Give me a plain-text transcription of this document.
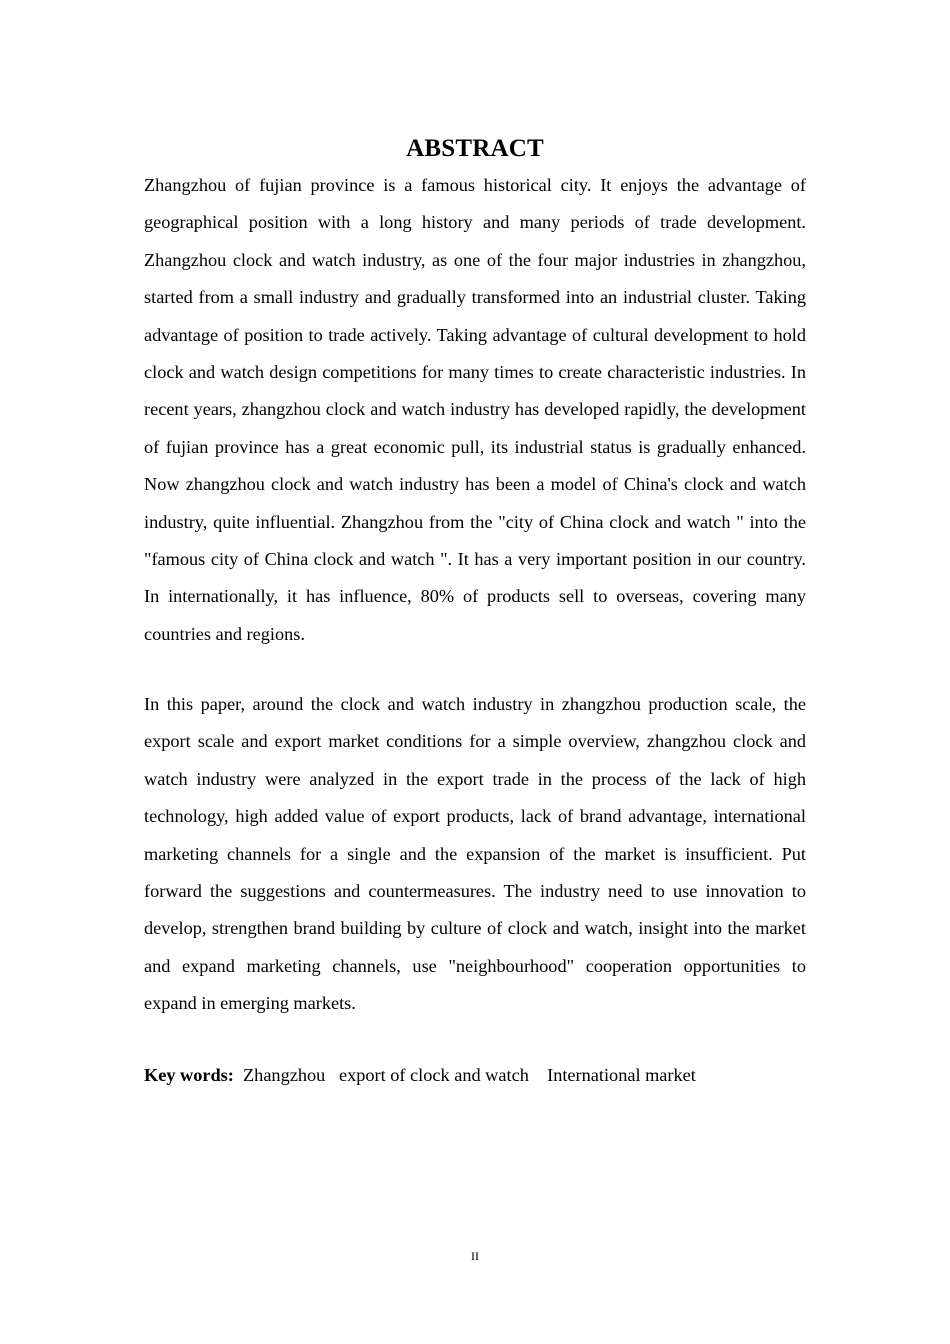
ABSTRACT

Zhangzhou of fujian province is a famous historical city. It enjoys the advantage of geographical position with a long history and many periods of trade development. Zhangzhou clock and watch industry, as one of the four major industries in zhangzhou, started from a small industry and gradually transformed into an industrial cluster. Taking advantage of position to trade actively. Taking advantage of cultural development to hold clock and watch design competitions for many times to create characteristic industries. In recent years, zhangzhou clock and watch industry has developed rapidly, the development of fujian province has a great economic pull, its industrial status is gradually enhanced. Now zhangzhou clock and watch industry has been a model of China's clock and watch industry, quite influential. Zhangzhou from the "city of China clock and watch " into the "famous city of China clock and watch ". It has a very important position in our country. In internationally, it has influence, 80% of products sell to overseas, covering many countries and regions.

In this paper, around the clock and watch industry in zhangzhou production scale, the export scale and export market conditions for a simple overview, zhangzhou clock and watch industry were analyzed in the export trade in the process of the lack of high technology, high added value of export products, lack of brand advantage, international marketing channels for a single and the expansion of the market is insufficient. Put forward the suggestions and countermeasures. The industry need to use innovation to develop, strengthen brand building by culture of clock and watch, insight into the market and expand marketing channels, use "neighbourhood" cooperation opportunities to expand in emerging markets.

Key words: Zhangzhou export of clock and watch International market
II
